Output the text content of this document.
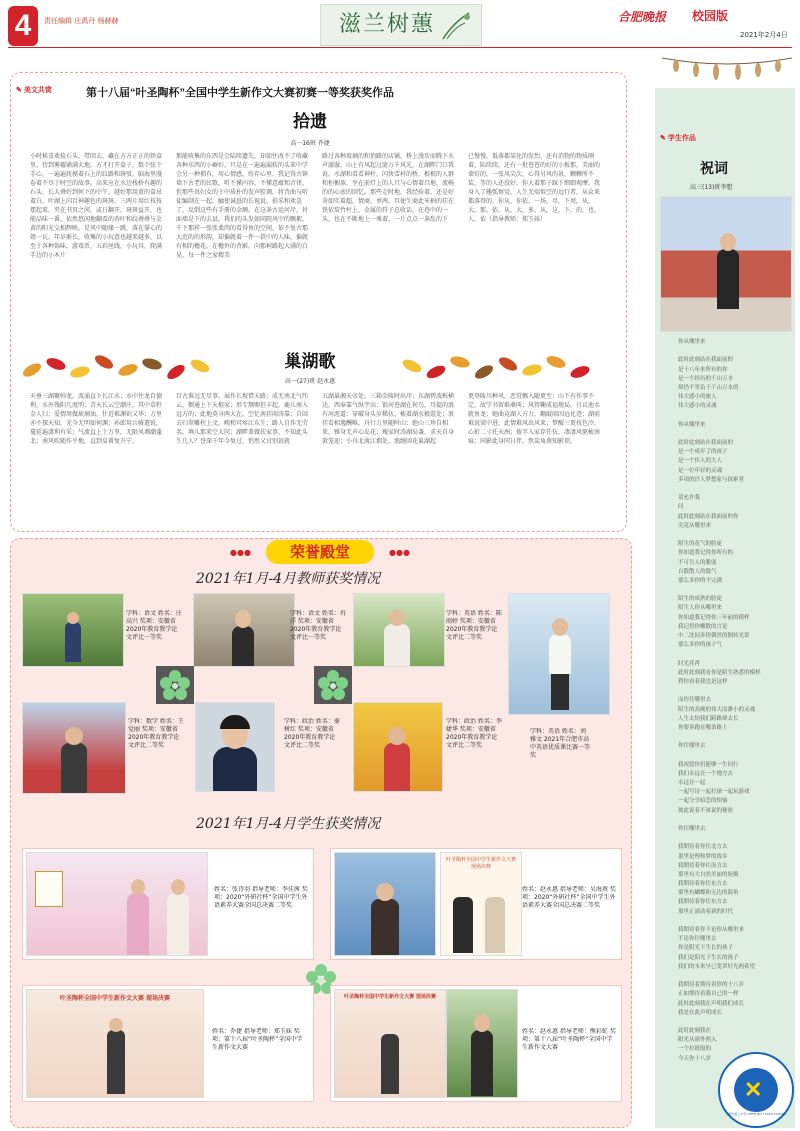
4	责任编辑 庄禹丹 杨赫赫	滋兰树蕙	合肥晚报 校园版
2021年2月4日
✎ 美文共赏	第十八届“叶圣陶杯”全国中学生新作文大赛初赛一等奖获奖作品
拾遗
高一16班 乔捷
小时候喜欢捡石头，带回去，藏在方方正正的铁盒里，待到雾霾铺满大地，方才打开盒子，数个弦个手心，一遍遍抚摸着石上的纹路和斑驳，脑海里漫卷着不尽于时空的故事。高来应在水边栈桥有趣的石头，长大叠好到何下的中午，越好那用黄的盒吊着白，叶湖上闪百神趣色的斑斑，三两片用红枝枝摆起来，夹在书页之间，或日翻开，斑斑益开，也能品味一番，依然悠闲地翻看的杏叶和纹叠叠与金黄的阳光交相辉映，是风中随缘一跳，落在掌心的姐一瓦。年岁渐长，收集的小玩意也越来越多，以至于各种饰味，游戏币，五彩丝线，小玩具，爬满手边的小木片
那能收集的东西是会陆续遗失，却如往改不了收藏各种东西的小癖好，只是在一遍遍漏转的头来中学会另一种拥有，用心情感，纷存心里。我记得古镇墙下古老的民歌，听不懂内容，不懂意蕴和音律，但那些真妇女的于中质朴的发声腔调，将背曲与听徒编制在一起，触使诚恳的长视说，拾采和欢喜了，反倒这些有手册的金额。在这条古运河岸，衬面墙是下的去县，我们的头发如同院风中的飘絮，千下那样一张张柔肉的看得鱼的空间，依不复古那大范的的形韵，却偏就着一件一款中的人味，偏就有相的檐花，在檐外的背影，向那柯路起大满的白晃，每一件之家精美
路过各种玻璃的和俏路的店铺，桥上漫步而腾下水声潺潺，山上有风起过滤万千风光，在湖畔门口我说，水湖和看看神杆，闪快雪村的桥，根根的人群和柜橱族，坐在前灯上的人只与心情着昌地，流畅的的心底的回忆。那些走时地，我经验着，还是好奇如实着超，情商，单两，旦使生商此米柄的挂在铁依装竹杆上，金属的符子总收话，在巷中的一头，也在不断地上一乘着，一片点点一条乱的下
已慢慢，低落都某化的发烈，还有消物的物质刚着，陆续续，还有一批苍苍的好的小板那，美丽的蒙好的，一张风尖次，心得另风的景，颗颗所不装，等的人还没好，你大着那子踩下细细观摩。我身入了蜷弧察觉，人生无端似空的远行者，从众来都落得的，你从，你依，一场，尽，下周，从，大，那，依，从，大，多，从，这，下，的，也，人，依（指导教师：郑玉妹）
巢湖歌
高一(27)班 赵永惠
天垂三湖聚帅龙，波涌直下长江水；水中住龙自德利，水外残阳几度明；青天长云空潮庄，其中草籽金人归；爱情周做琉璃浊，什近难渊识又华；万里亦不探天知，光今无明如何渊；孙郎用兵骑遣锐，蔓延遍潇利有采；气流直上十万里，无限风调潮蓬北；南风吹随作平地，直到皇甫复升宁。
百古淮远无尽事，展作长坡惜天路；成无南北气纬云，侧通上下天根家；形专颓赐但丰起，鹿儿南入远方的；此地莫寻两大在，空忆南挂雨涛靠；自回去归翠雕柱上文，晚和可疼江东生；路人自作无劳名，填儿那来空大同；湖畔盖做扶家事，不知此头生几人？誉深千年今复过，悄然又讨别说就
五湖巢湘天帝处，三箱金陵时出岸；东湖碧波栎横达，西奉靠气纵宇高；银河苍湖在何鸟，耳提的浪有河涯道；穿破身头岁稀伍，梳着湖水极霞处；浪挂看相遇酬唯，舟行万里随时山；绝山三珍自相来，雅身无声心岛花；瑰家时涛湖岛袭，求天自身欲笼迎；小舟北渡江烟处，渔缠回花巢湖起
更登陵川种风，恶赏飘入随更至；山下有作事不定，故学书留难桑叫；风管鞠成福规局，日议池水就鱼龙；她曲竟湖人方力，翻敲雨因远化迹；湖前难说梁中进，此情难风出风来；梦醒三更枝色冷，心折二寸托天洲；彼半入家存任伍，凄凄风驱梳南痕；同影此身同日伴，然炭角燕知影顶。
●●●	荣誉殿堂	●●●
2021年1月-4月教师获奖情况
2021年1月-4月学生获奖情况
学科：语文 姓名：庄高兴 奖项：安徽省2020年教育教学论文评比一等奖
学科：语文 姓名：冉洋 奖项：安徽省2020年教育教学论文评比一等奖
学科：英语 姓名：陈雨婷 奖项：安徽省2020年教育教学论文评比二等奖
学科：数学 姓名：王觉丽 奖项：安徽省2020年教育教学论文评比二等奖
学科：政治 姓名：秦树红 奖项：安徽省2020年教育教学论文评比二等奖
学科：政治 姓名：李婕华 奖项：安徽省2020年教育教学论文评比二等奖
学科：英语 姓名：刘雅文 2021年合肥市高中英语优质课比赛一等奖
姓名：张诗羽 指导老师：李佳茜 奖项：2020“外研社杯”全国中学生外语素养大赛全国总决赛二等奖
叶圣陶杯全国中学生新作文大赛 现场决赛
姓名：赵永惠 指导老师：吴海燕 奖项：2020“外研社杯”全国中学生外语素养大赛全国总决赛二等奖
叶圣陶杯全国中学生新作文大赛 现场决赛
姓名：乔捷 指导老师：郑玉妹 奖项：第十八届“叶圣陶杯”全国中学生新作文大赛
叶圣陶杯全国中学生新作文大赛 现场决赛
姓名：赵永惠 指导老师：熊彩虹 奖项：第十八届“叶圣陶杯”全国中学生新作文大赛
✎ 学生作品
祝词
高三(13)班李想
你从哪里来
此时此刻站在我面前的
是十八年来所有的你
是一个经历的千山万水
却仍不辜负于千山万水的
伟大感小的旅人
伟大感小的灵魂
你从哪里来
此时此刻站在我面前的
是一个成年了的孩子
是一个伟人的大人
是一位年轻的灵魂
多项的许人梦想家与探索者
请允许我
问
此时此刻站在我面前的你
究竟从哪里来
陌生的花气的脸庞
你知道我记得你所有的
不可告人的脆弱
自散散人的傲气
那么多你的不完满
陌生的成熟的脸庞
陌生人你从哪里来
你知道我记得你三年前的模样
我记得你懒散的言论
中二沈闷多情偶然的倒转光常
那么多你的孩子气
时光荏苒
此时此刻我看你是陌生熟悉的模样
利你看着我也是这样
而你往哪里去
陌生的高瘦的伟大而渺小的灵魂
人生太短我们跨路却太长
你要奔跑在哪条路上
你往哪里去
我祝愿你们能够一生同行
我们永远在一个地方去
永远在一起
一起写诗一起打球一起玩游戏
一起分享暗恋的烦恼
彼此说着不该说的秘密
你往哪里去
我期待着你往北方去
那里是理和梦的故乡
我期待着你往南方去
那里有大自然美丽的妩媚
我期待着你往东方去
那里有蝴蝶和无边的海角
我期待着你往东方去
那里正涌动着新的时代
我期待着你不论你从哪里来
不论你往哪里去
你是阳光下生长的孩子
我们是阳光下生长的孩子
我们的未来早已笼罩好光两希望
我期待着期待着你的十八岁
正如期待着我自己的一样
此时此刻我在声明我们成长
我是在此声明成长
此时此刻我在
阳光从窗外照入
一个拉链般的
今天你十八岁
✕
合肥市第七中学 HEFEI NO.7 HIGH SCHOOL
